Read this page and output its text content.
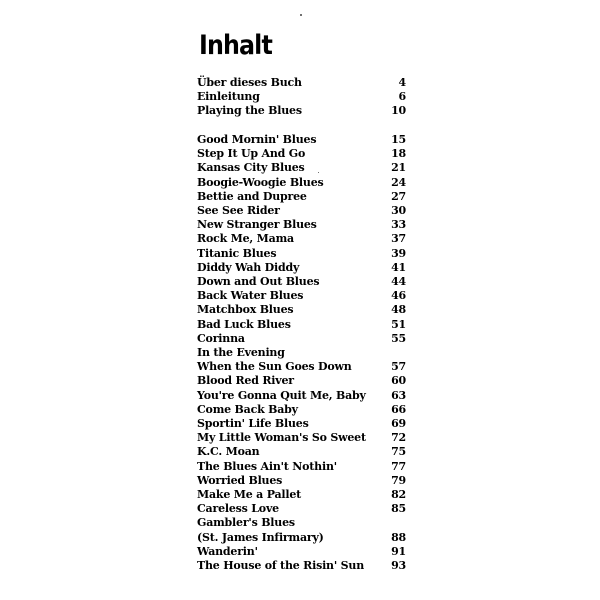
Inhalt
Über dieses Buch	4
Einleitung	6
Playing the Blues	10
Good Mornin' Blues	15
Step It Up And Go	18
Kansas City Blues	21
Boogie-Woogie Blues	24
Bettie and Dupree	27
See See Rider	30
New Stranger Blues	33
Rock Me, Mama	37
Titanic Blues	39
Diddy Wah Diddy	41
Down and Out Blues	44
Back Water Blues	46
Matchbox Blues	48
Bad Luck Blues	51
Corinna	55
In the Evening
When the Sun Goes Down	57
Blood Red River	60
You're Gonna Quit Me, Baby 63
Come Back Baby	66
Sportin' Life Blues	69
My Little Woman's So Sweet 72
K.C. Moan	75
The Blues Ain't Nothin'	77
Worried Blues	79
Make Me a Pallet	82
Careless Love	85
Gambler's Blues
(St. James Infirmary)	88
Wanderin'	91
The House of the Risin' Sun 93
